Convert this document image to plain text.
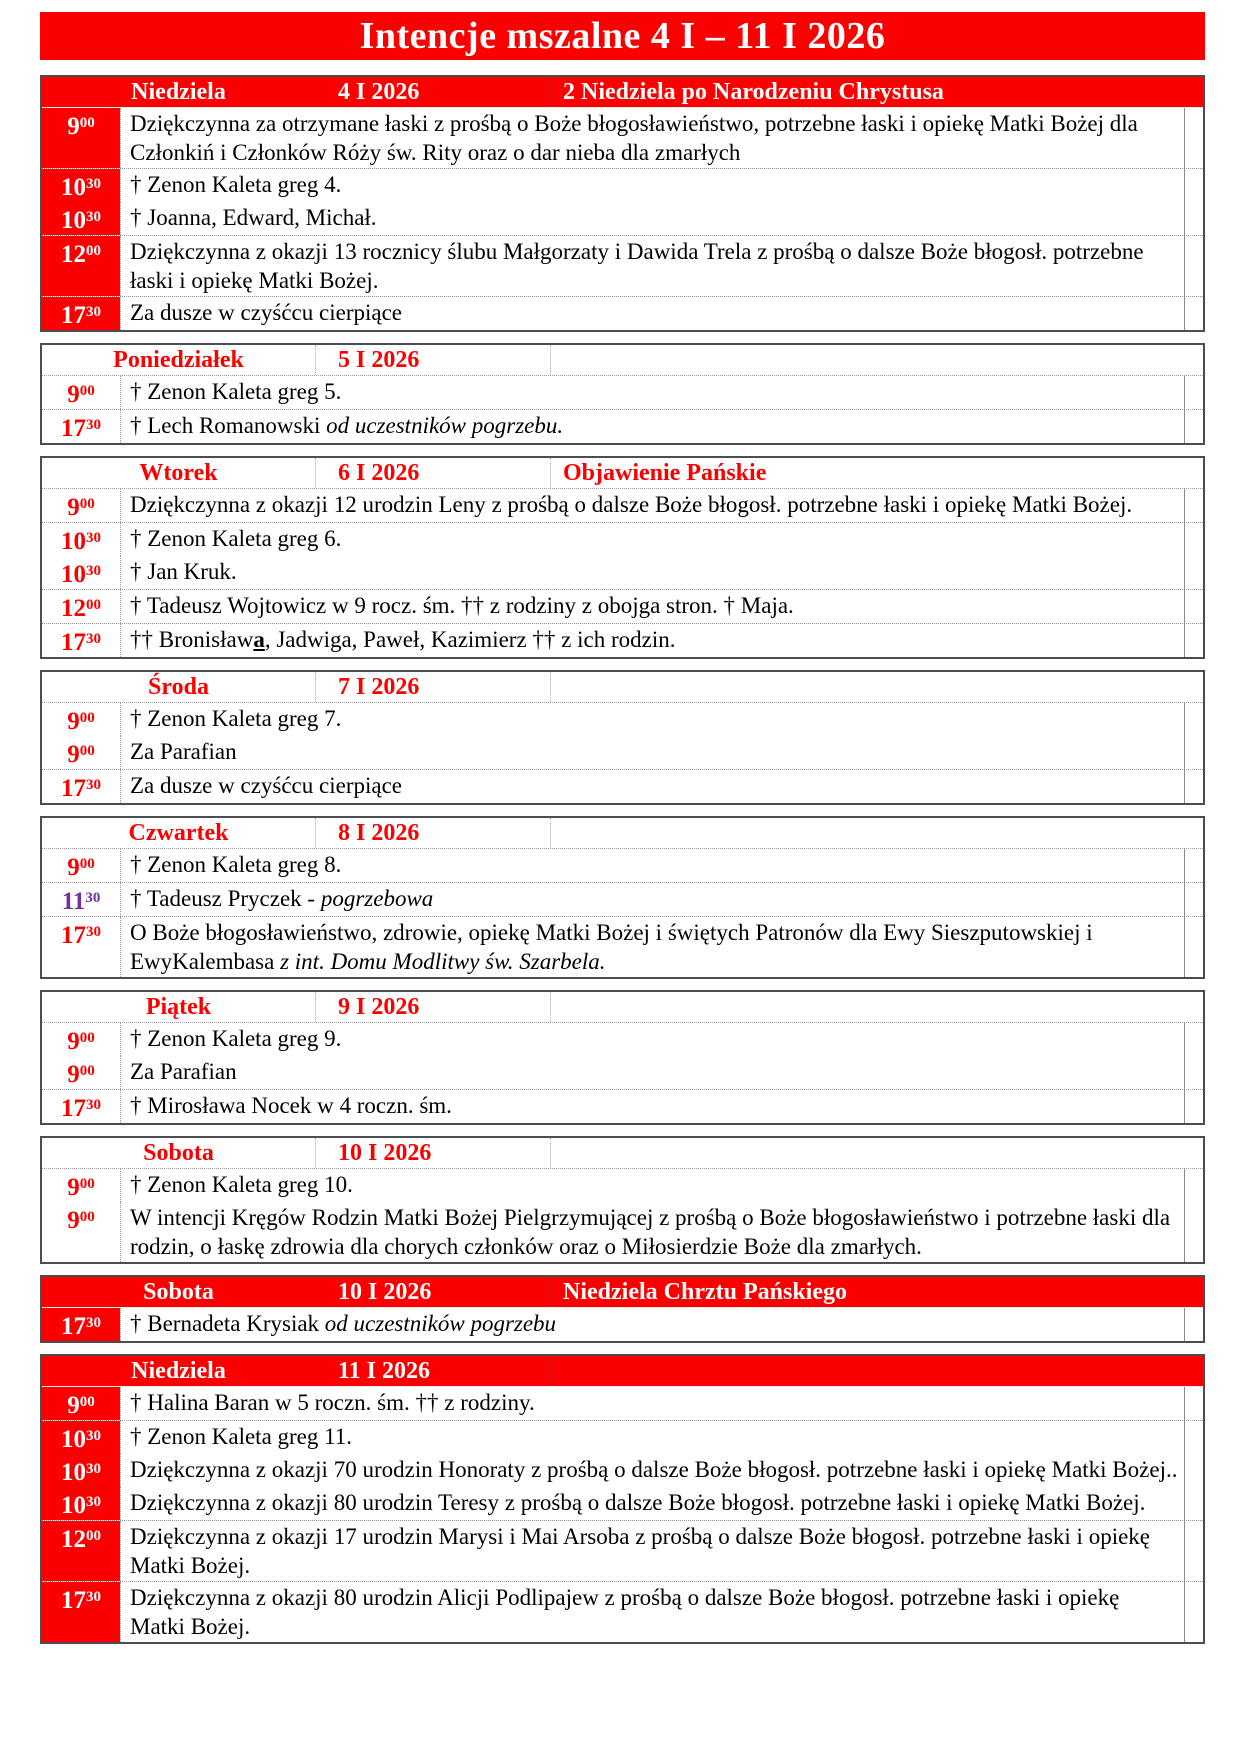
Intencje mszalne 4 I – 11 I 2026
Niedziela	4 I 2026	2 Niedziela po Narodzeniu Chrystusa
$9^{00}$	Dziękczynna za otrzymane łaski z prośbą o Boże błogosławieństwo, potrzebne łaski i opiekę Matki Bożej dla Członkiń i Członków Róży św. Rity oraz o dar nieba dla zmarłych
$10^{30}$	† Zenon Kaleta greg 4.
$10^{30}$	† Joanna, Edward, Michał.
$12^{00}$	Dziękczynna z okazji 13 rocznicy ślubu Małgorzaty i Dawida Trela z prośbą o dalsze Boże błogosł. potrzebne łaski i opiekę Matki Bożej.
$17^{30}$	Za dusze w czyśćcu cierpiące
Poniedziałek	5 I 2026
$9^{00}$	† Zenon Kaleta greg 5.
$17^{30}$	† Lech Romanowski od uczestników pogrzebu.
Wtorek	6 I 2026	Objawienie Pańskie
$9^{00}$	Dziękczynna z okazji 12 urodzin Leny z prośbą o dalsze Boże błogosł. potrzebne łaski i opiekę Matki Bożej.
$10^{30}$	† Zenon Kaleta greg 6.
$10^{30}$	† Jan Kruk.
$12^{00}$	† Tadeusz Wojtowicz w 9 rocz. śm. †† z rodziny z obojga stron. † Maja.
$17^{30}$	†† Bronisława, Jadwiga, Paweł, Kazimierz †† z ich rodzin.
Środa	7 I 2026
$9^{00}$	† Zenon Kaleta greg 7.
$9^{00}$	Za Parafian
$17^{30}$	Za dusze w czyśćcu cierpiące
Czwartek	8 I 2026
$9^{00}$	† Zenon Kaleta greg 8.
$11^{30}$	† Tadeusz Pryczek - pogrzebowa
$17^{30}$	O Boże błogosławieństwo, zdrowie, opiekę Matki Bożej i świętych Patronów dla Ewy Sieszputowskiej i EwyKalembasa z int. Domu Modlitwy św. Szarbela.
Piątek	9 I 2026
$9^{00}$	† Zenon Kaleta greg 9.
$9^{00}$	Za Parafian
$17^{30}$	† Mirosława Nocek w 4 roczn. śm.
Sobota	10 I 2026
$9^{00}$	† Zenon Kaleta greg 10.
$9^{00}$	W intencji Kręgów Rodzin Matki Bożej Pielgrzymującej z prośbą o Boże błogosławieństwo i potrzebne łaski dla rodzin, o łaskę zdrowia dla chorych członków oraz o Miłosierdzie Boże dla zmarłych.
Sobota	10 I 2026	Niedziela Chrztu Pańskiego
$17^{30}$	† Bernadeta Krysiak od uczestników pogrzebu
Niedziela	11 I 2026
$9^{00}$	† Halina Baran w 5 roczn. śm. †† z rodziny.
$10^{30}$	† Zenon Kaleta greg 11.
$10^{30}$	Dziękczynna z okazji 70 urodzin Honoraty z prośbą o dalsze Boże błogosł. potrzebne łaski i opiekę Matki Bożej..
$10^{30}$	Dziękczynna z okazji 80 urodzin Teresy z prośbą o dalsze Boże błogosł. potrzebne łaski i opiekę Matki Bożej.
$12^{00}$	Dziękczynna z okazji 17 urodzin Marysi i Mai Arsoba z prośbą o dalsze Boże błogosł. potrzebne łaski i opiekę Matki Bożej.
$17^{30}$	Dziękczynna z okazji 80 urodzin Alicji Podlipajew z prośbą o dalsze Boże błogosł. potrzebne łaski i opiekę Matki Bożej.
